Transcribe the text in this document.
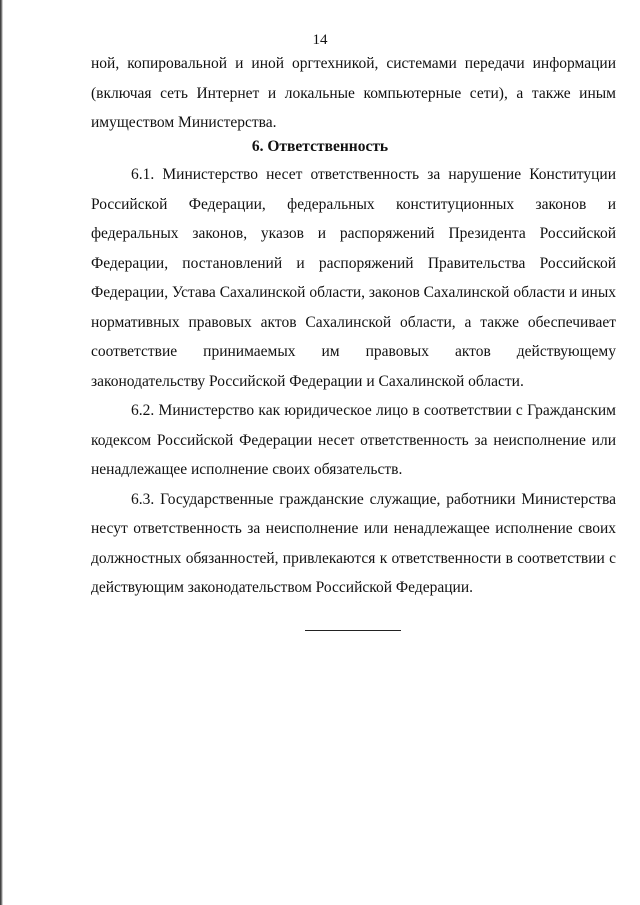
14

ной, копировальной и иной оргтехникой, системами передачи информации (включая сеть Интернет и локальные компьютерные сети), а также иным имуществом Министерства.

6. Ответственность

6.1. Министерство несет ответственность за нарушение Конституции Российской Федерации, федеральных конституционных законов и федеральных законов, указов и распоряжений Президента Российской Федерации, постановлений и распоряжений Правительства Российской Федерации, Устава Сахалинской области, законов Сахалинской области и иных нормативных правовых актов Сахалинской области, а также обеспечивает соответствие принимаемых им правовых актов действующему законодательству Российской Федерации и Сахалинской области.

6.2. Министерство как юридическое лицо в соответствии с Гражданским кодексом Российской Федерации несет ответственность за неисполнение или ненадлежащее исполнение своих обязательств.

6.3. Государственные гражданские служащие, работники Министерства несут ответственность за неисполнение или ненадлежащее исполнение своих должностных обязанностей, привлекаются к ответственности в соответствии с действующим законодательством Российской Федерации.
